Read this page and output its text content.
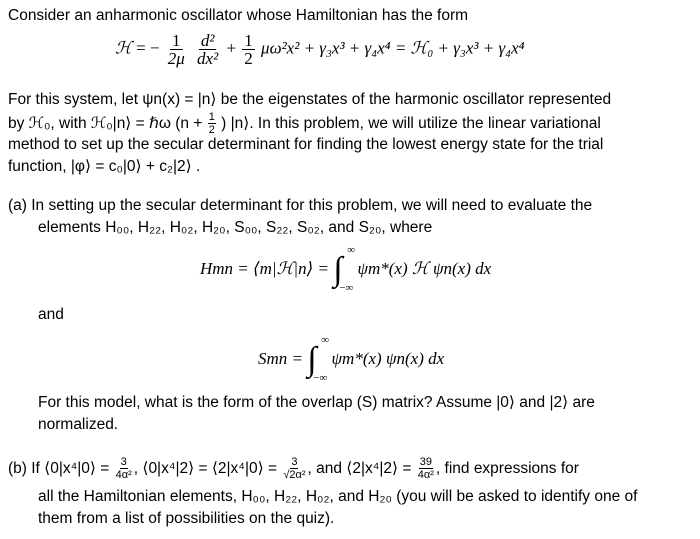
Consider an anharmonic oscillator whose Hamiltonian has the form
ℋ = − $\frac{1}{2\mu}$
$\frac{\text{d²}}{\text{dx²}} + \frac{1}{2} \mu\omega^2x^2 + \gamma_3x^3 + \gamma_4x^4$ = ℋ₀ + γ₃x³ + γ₄x⁴
For this system, let ψn(x) = |n⟩ be the eigenstates of the harmonic oscillator represented
by ℋ₀, with ℋ₀|n⟩ = ℏω ($n + \frac{1}{2}$ ) |n⟩. In this problem, we will utilize the linear variational
method to set up the secular determinant for finding the lowest energy state for the trial
function, |φ⟩ = c₀|0⟩ + c₂|2⟩ .
(a) In setting up the secular determinant for this problem, we will need to evaluate the
elements H₀₀, H₂₂, H₀₂, H₂₀, S₀₀, S₂₂, S₀₂, and S₂₀, where
Hmn = ⟨m|ℋ|n⟩ = ∫
∞
−∞
ψm*(x) ℋ ψn(x) dx
and
Smn = ∫
∞
−∞
ψm*(x) ψn(x) dx
For this model, what is the form of the overlap (S) matrix? Assume |0⟩ and |2⟩ are
normalized.
(b) If ⟨0|x⁴|0⟩ = $\frac{3}{\text{4α²}}$ , ⟨0|x⁴|2⟩ = ⟨2|x⁴|0⟩ = $\frac{3}{\text{√2α²}}$ , and ⟨2|x⁴|2⟩ = $\frac{39}{\text{4α²}}$ , find expressions for
all the Hamiltonian elements, H₀₀, H₂₂, H₀₂, and H₂₀ (you will be asked to identify one of
them from a list of possibilities on the quiz).
